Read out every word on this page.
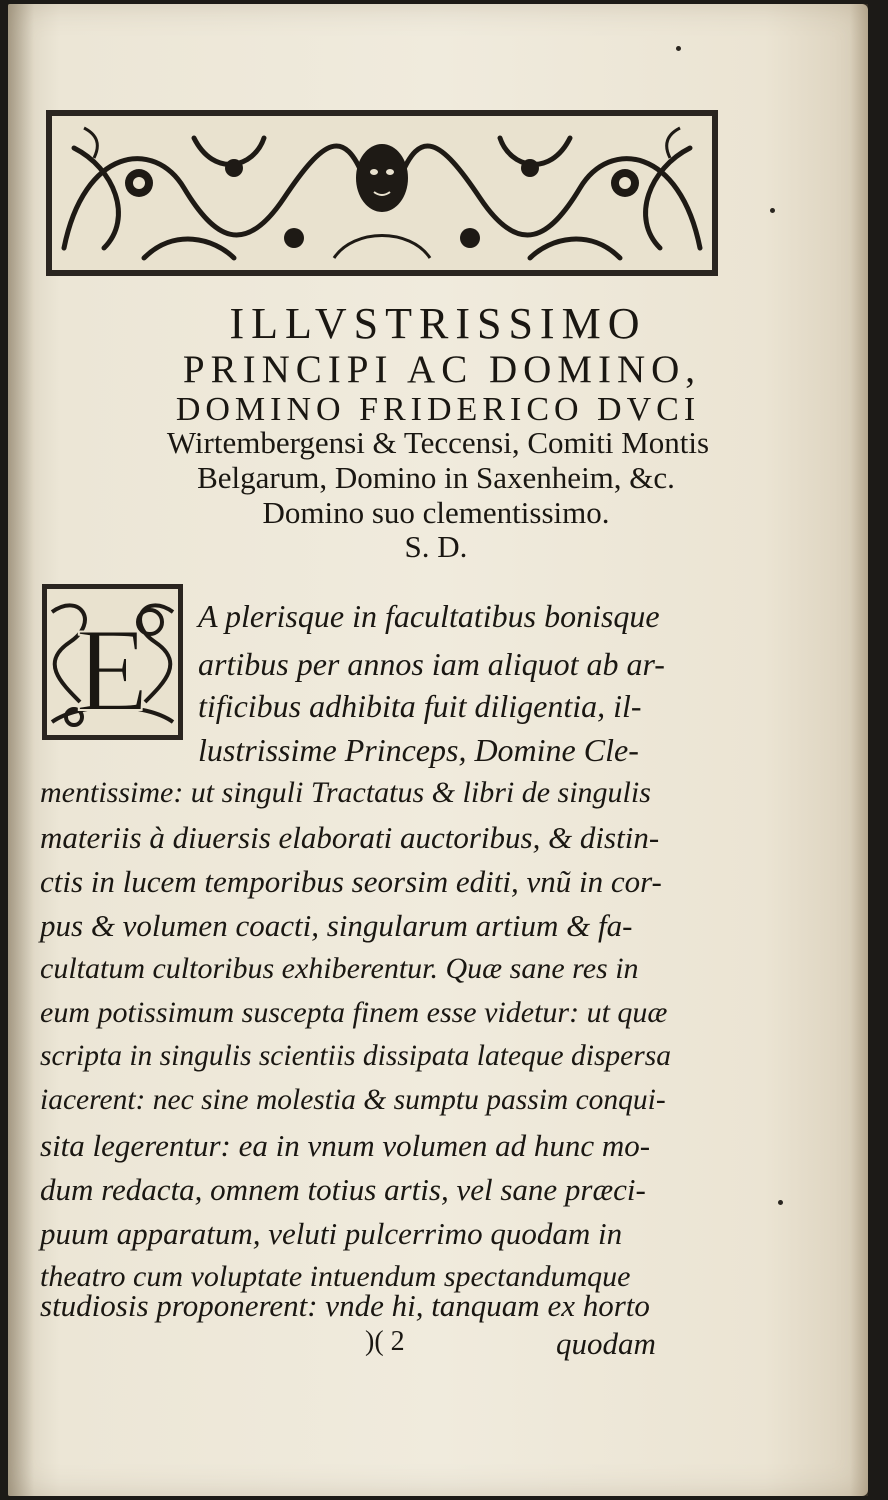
ILLVSTRISSIMO
PRINCIPI AC DOMINO,
DOMINO FRIDERICO DVCI
Wirtembergensi & Teccensi, Comiti Montis
Belgarum, Domino in Saxenheim, &c.
Domino suo clementissimo.
S. D.
E A plerisque in facultatibus bonisque
artibus per annos iam aliquot ab ar-
tificibus adhibita fuit diligentia, il-
lustrissime Princeps, Domine Cle-
mentissime: ut singuli Tractatus & libri de singulis
materiis à diuersis elaborati auctoribus, & distin-
ctis in lucem temporibus seorsim editi, vnũ in cor-
pus & volumen coacti, singularum artium & fa-
cultatum cultoribus exhiberentur. Quæ sane res in
eum potissimum suscepta finem esse videtur: ut quæ
scripta in singulis scientiis dissipata lateque dispersa
iacerent: nec sine molestia & sumptu passim conqui-
sita legerentur: ea in vnum volumen ad hunc mo-
dum redacta, omnem totius artis, vel sane præci-
puum apparatum, veluti pulcerrimo quodam in
theatro cum voluptate intuendum spectandumque
studiosis proponerent: vnde hi, tanquam ex horto
)( 2	quodam
